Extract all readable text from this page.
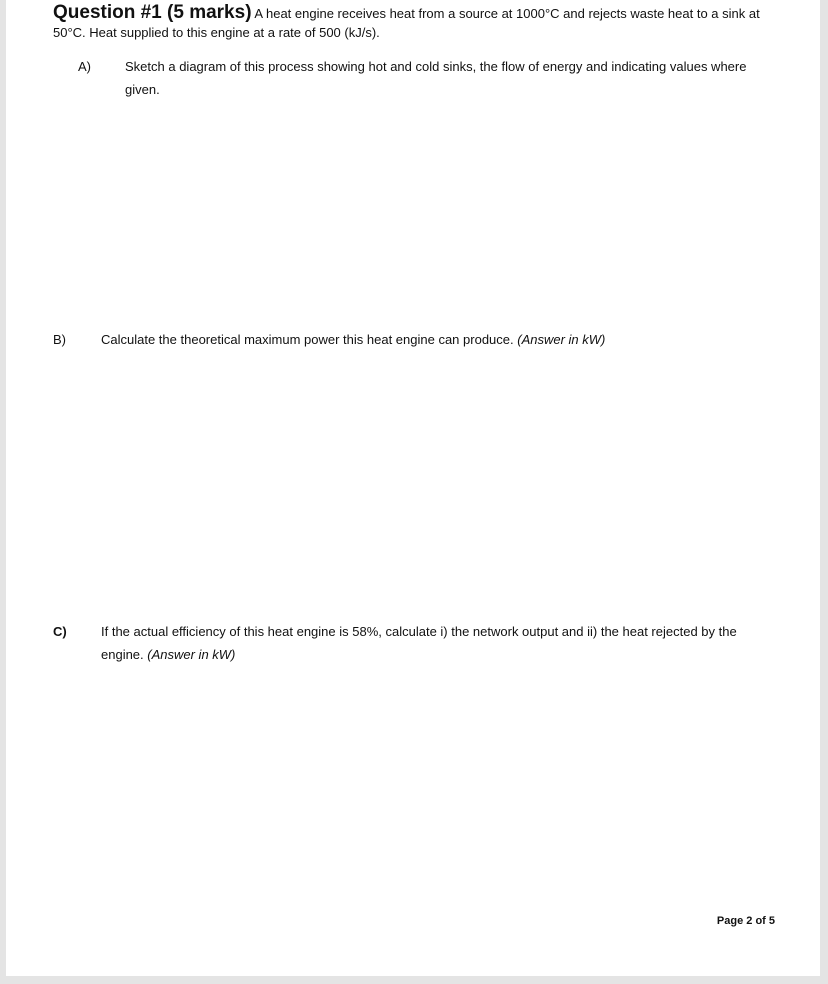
Question #1 (5 marks) A heat engine receives heat from a source at 1000°C and rejects waste heat to a sink at 50°C. Heat supplied to this engine at a rate of 500 (kJ/s).
A)	Sketch a diagram of this process showing hot and cold sinks, the flow of energy and indicating values where given.
B)	Calculate the theoretical maximum power this heat engine can produce. (Answer in kW)
C)	If the actual efficiency of this heat engine is 58%, calculate i) the network output and ii) the heat rejected by the engine. (Answer in kW)
Page 2 of 5
